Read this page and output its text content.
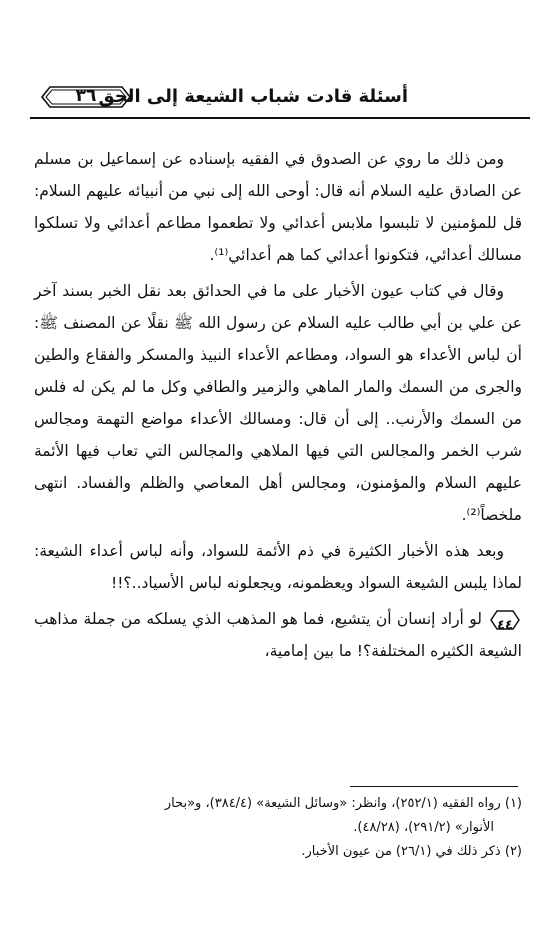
٣٦ أسئلة قادت شباب الشيعة إلى الحق

ومن ذلك ما روي عن الصدوق في الفقيه بإسناده عن إسماعيل بن مسلم عن الصادق عليه السلام أنه قال: أوحى الله إلى نبي من أنبيائه عليهم السلام: قل للمؤمنين لا تلبسوا ملابس أعدائي ولا تطعموا مطاعم أعدائي ولا تسلكوا مسالك أعدائي، فتكونوا أعدائي كما هم أعدائي⁽¹⁾.

وقال في كتاب عيون الأخبار على ما في الحدائق بعد نقل الخبر بسند آخر عن علي بن أبي طالب عليه السلام عن رسول الله ﷺ نقلًا عن المصنف ﷺ: أن لباس الأعداء هو السواد، ومطاعم الأعداء النبيذ والمسكر والفقاع والطين والجرى من السمك والمار الماهي والزمير والطافي وكل ما لم يكن له فلس من السمك والأرنب.. إلى أن قال: ومسالك الأعداء مواضع التهمة ومجالس شرب الخمر والمجالس التي فيها الملاهي والمجالس التي تعاب فيها الأئمة عليهم السلام والمؤمنون، ومجالس أهل المعاصي والظلم والفساد. انتهى ملخصاً⁽²⁾.

وبعد هذه الأخبار الكثيرة في ذم الأئمة للسواد، وأنه لباس أعداء الشيعة: لماذا يلبس الشيعة السواد ويعظمونه، ويجعلونه لباس الأسياد..؟!!

٤٤
لو أراد إنسان أن يتشيع، فما هو المذهب الذي يسلكه من جملة مذاهب الشيعة الكثيره المختلفة؟! ما بين إمامية،

(١) رواه الفقيه (٢٥٢/١)، وانظر: «وسائل الشيعة» (٣٨٤/٤)، و«بحار

الأنوار» (٢٩١/٢)، (٤٨/٢٨).

(٢) ذكر ذلك في (٢٦/١) من عيون الأخبار.
